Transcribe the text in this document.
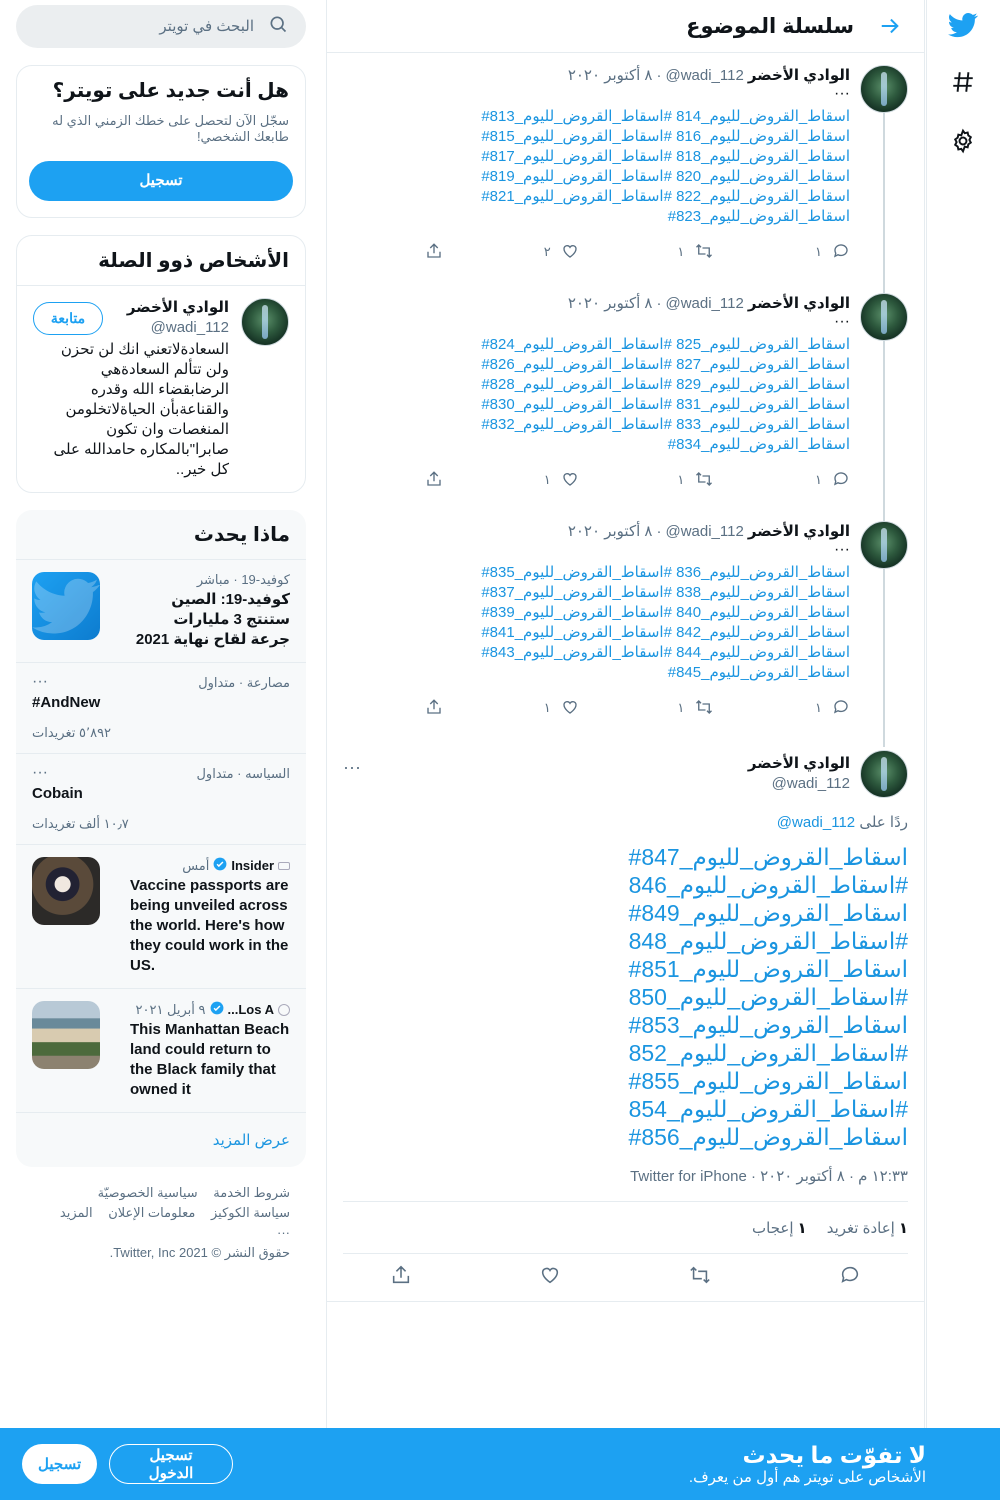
سلسلة الموضوع
الوادي الأخضر
@wadi_112
·
٨ أكتوبر ٢٠٢٠
···
#اسقاط_القروض_لليوم_814 #اسقاط_القروض_لليوم_813
#اسقاط_القروض_لليوم_816 #اسقاط_القروض_لليوم_815
#اسقاط_القروض_لليوم_818 #اسقاط_القروض_لليوم_817
#اسقاط_القروض_لليوم_820 #اسقاط_القروض_لليوم_819
#اسقاط_القروض_لليوم_822 #اسقاط_القروض_لليوم_821
#اسقاط_القروض_لليوم_823
١
١
٢
الوادي الأخضر
@wadi_112
·
٨ أكتوبر ٢٠٢٠
···
#اسقاط_القروض_لليوم_825 #اسقاط_القروض_لليوم_824
#اسقاط_القروض_لليوم_827 #اسقاط_القروض_لليوم_826
#اسقاط_القروض_لليوم_829 #اسقاط_القروض_لليوم_828
#اسقاط_القروض_لليوم_831 #اسقاط_القروض_لليوم_830
#اسقاط_القروض_لليوم_833 #اسقاط_القروض_لليوم_832
#اسقاط_القروض_لليوم_834
١
١
١
الوادي الأخضر
@wadi_112
·
٨ أكتوبر ٢٠٢٠
···
#اسقاط_القروض_لليوم_836 #اسقاط_القروض_لليوم_835
#اسقاط_القروض_لليوم_838 #اسقاط_القروض_لليوم_837
#اسقاط_القروض_لليوم_840 #اسقاط_القروض_لليوم_839
#اسقاط_القروض_لليوم_842 #اسقاط_القروض_لليوم_841
#اسقاط_القروض_لليوم_844 #اسقاط_القروض_لليوم_843
#اسقاط_القروض_لليوم_845
١
١
١
الوادي الأخضر
@wadi_112
···
ردًا على @wadi_112
#اسقاط_القروض_لليوم_847 #اسقاط_القروض_لليوم_846
#اسقاط_القروض_لليوم_849 #اسقاط_القروض_لليوم_848
#اسقاط_القروض_لليوم_851 #اسقاط_القروض_لليوم_850
#اسقاط_القروض_لليوم_853 #اسقاط_القروض_لليوم_852
#اسقاط_القروض_لليوم_855 #اسقاط_القروض_لليوم_854
#اسقاط_القروض_لليوم_856
١٢:٣٣ م · ٨ أكتوبر ٢٠٢٠ · Twitter for iPhone
١إعادة تغريد
١إعجاب
البحث في تويتر
هل أنت جديد على تويتر؟

سجّل الآن لتحصل على خطك الزمني الذي له طابعك الشخصي!

تسجيل
الأشخاص ذوو الصلة
الوادي الأخضر
@wadi_112
السعادةلاتعني انك لن تحزن ولن تتألم السعادةهي الرضابقضاء الله وقدره والقناعةبأن الحياةلاتخلومن المنغصات وان تكون صابرا"بالمكاره حامدالله على كل خير..
متابعة
ماذا يحدث
كوفيد-19 · مباشر
كوفيد-19: الصين ستنتج 3 مليارات جرعة لقاح نهاية 2021
مصارعة · متداول
#AndNew
٥٬٨٩٢ تغريدات
···
السياسه · متداول
Cobain
١٠٫٧ ألف تغريدات
···
Insider
أمس
Vaccine passports are being unveiled across the world. Here's how they could work in the US.
Los A...
٩ أبريل ٢٠٢١
This Manhattan Beach land could return to the Black family that owned it
عرض المزيد
شروط الخدمة سياسية الخصوصيّة
سياسة الكوكيز معلومات الإعلان المزيد ···
حقوق النشر © 2021 Twitter, Inc.
لا تفوّت ما يحدث

الأشخاص على تويتر هم أول من يعرف.

تسجيل
تسجيل الدخول
